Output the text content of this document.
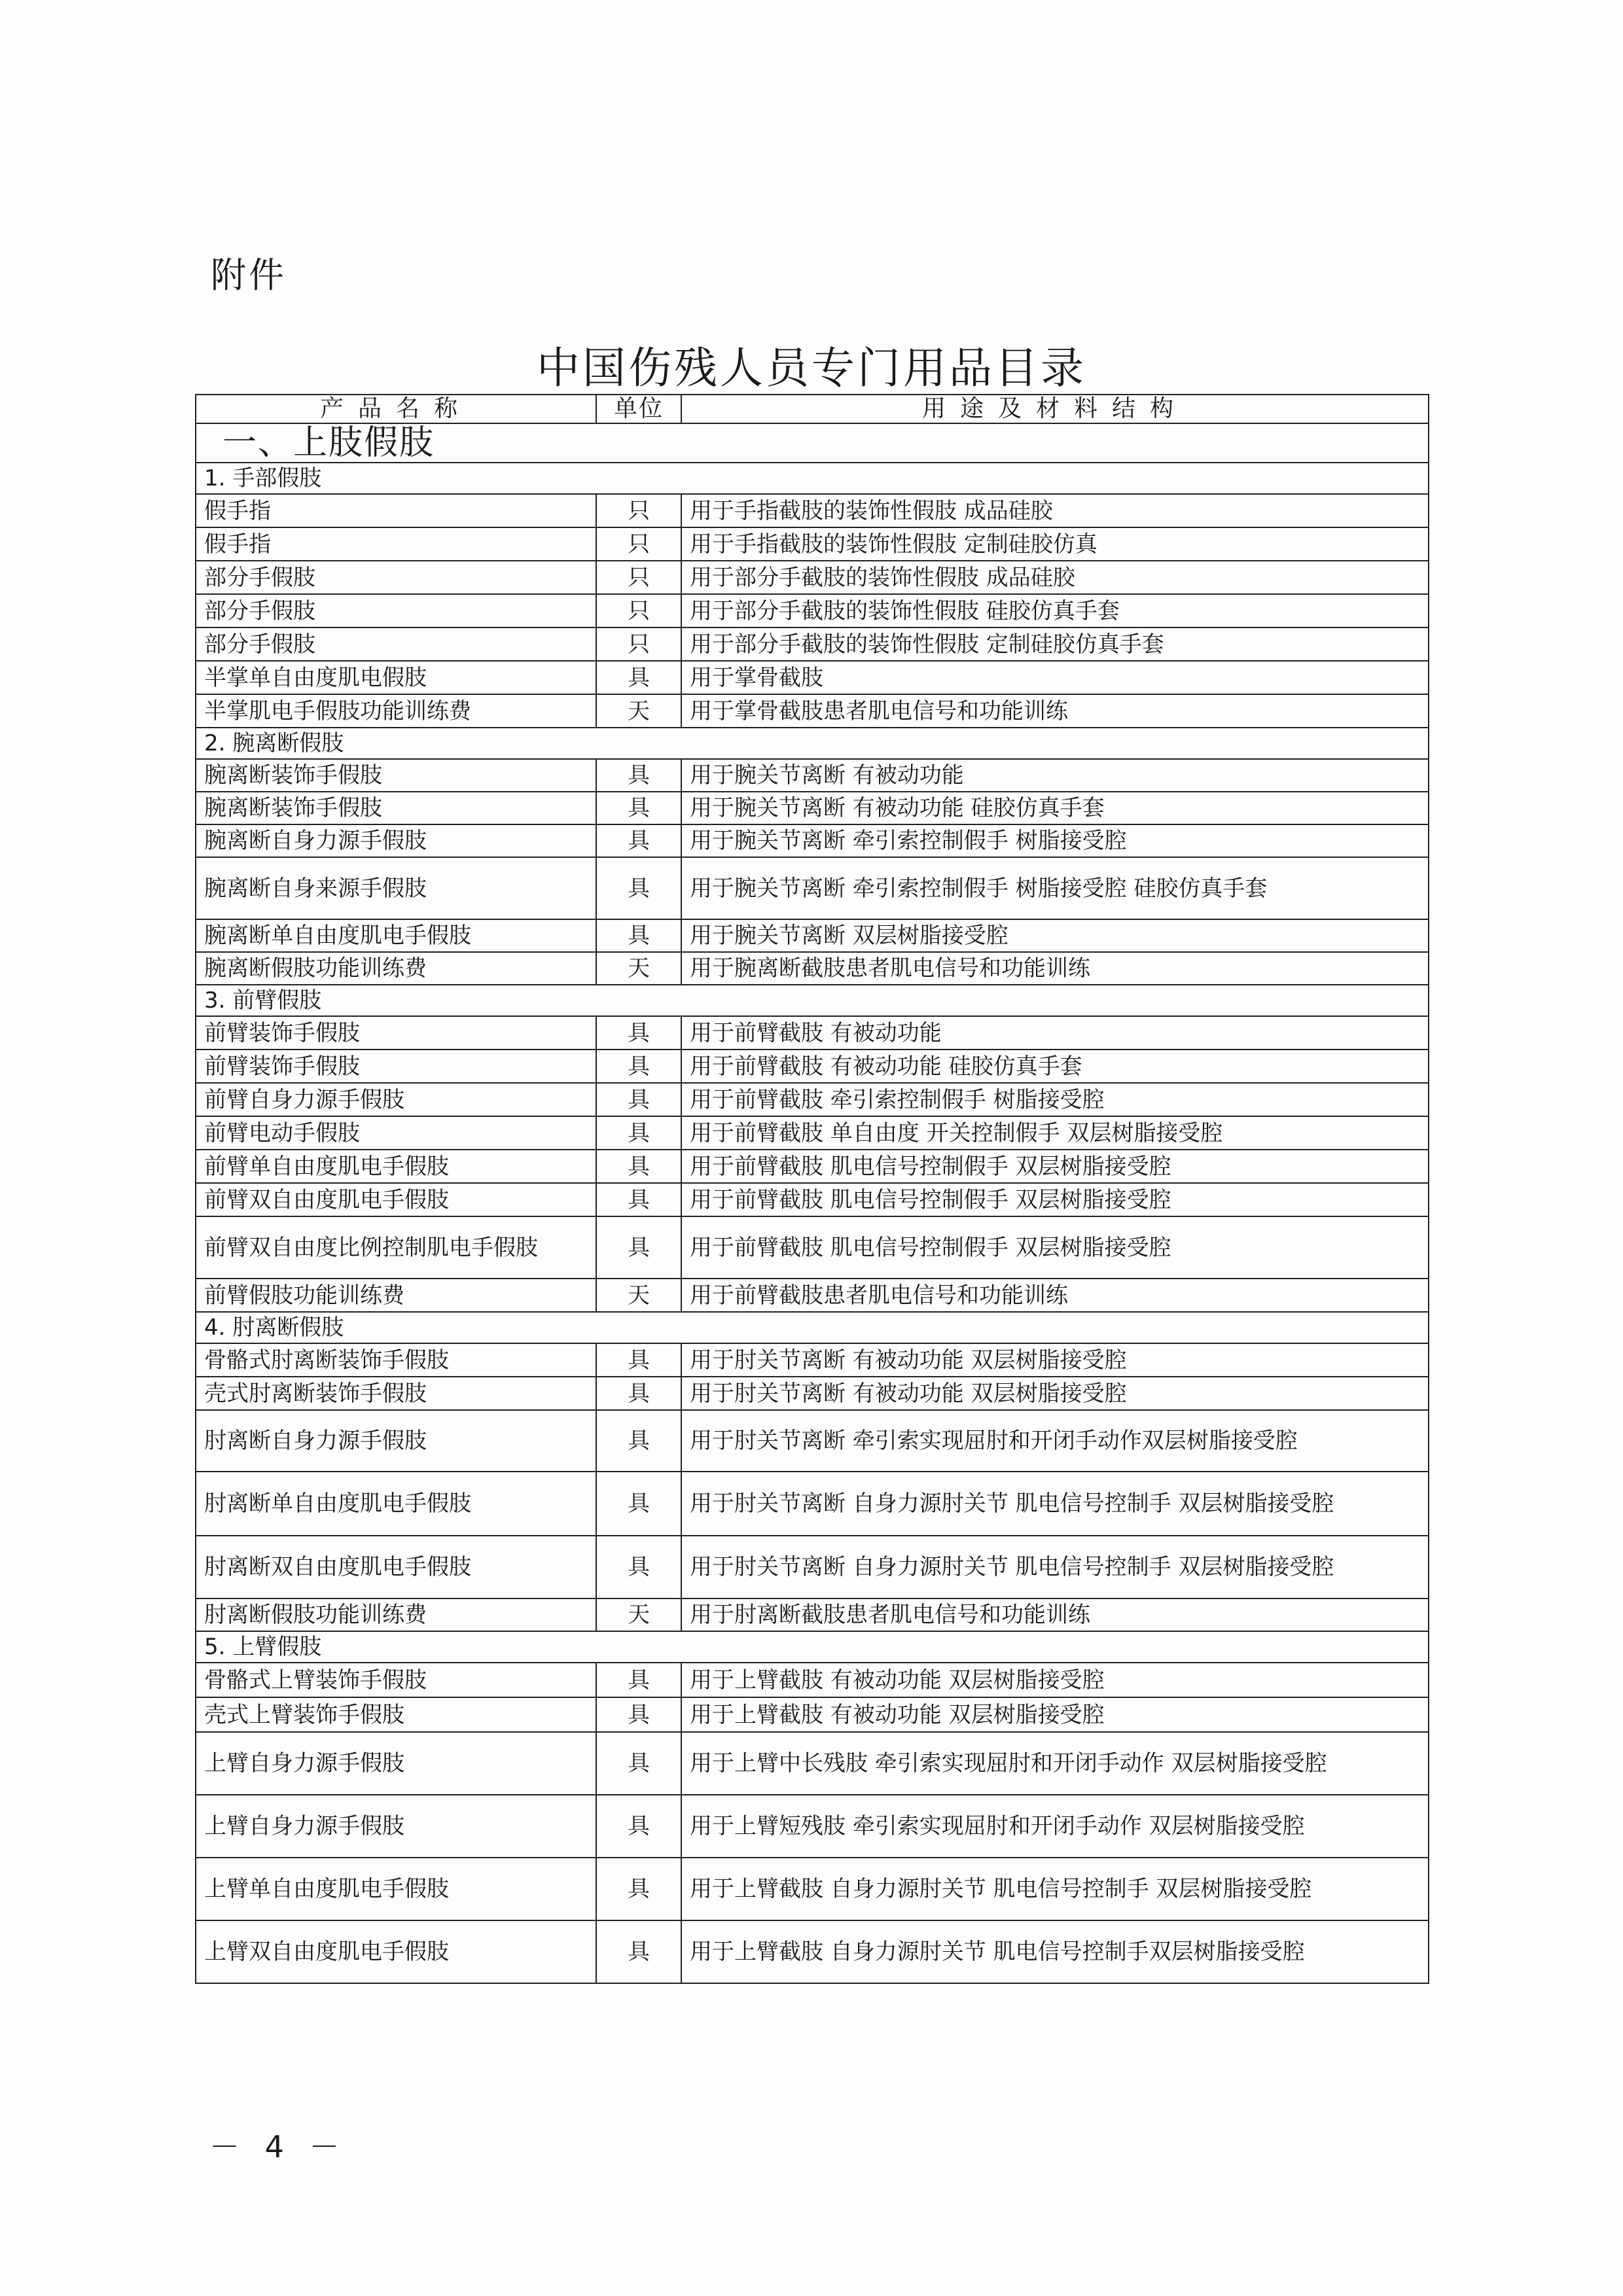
附件
中国伤残人员专门用品目录
产品名称	单位	用途及材料结构
一、上肢假肢		
1. 手部假肢		
假手指	只	用于手指截肢的装饰性假肢 成品硅胶
假手指	只	用于手指截肢的装饰性假肢 定制硅胶仿真
部分手假肢	只	用于部分手截肢的装饰性假肢 成品硅胶
部分手假肢	只	用于部分手截肢的装饰性假肢 硅胶仿真手套
部分手假肢	只	用于部分手截肢的装饰性假肢 定制硅胶仿真手套
半掌单自由度肌电假肢	具	用于掌骨截肢
半掌肌电手假肢功能训练费	天	用于掌骨截肢患者肌电信号和功能训练
2. 腕离断假肢		
腕离断装饰手假肢	具	用于腕关节离断 有被动功能
腕离断装饰手假肢	具	用于腕关节离断 有被动功能 硅胶仿真手套
腕离断自身力源手假肢	具	用于腕关节离断 牵引索控制假手 树脂接受腔
腕离断自身来源手假肢	具	用于腕关节离断 牵引索控制假手 树脂接受腔 硅胶仿真手套
腕离断单自由度肌电手假肢	具	用于腕关节离断 双层树脂接受腔
腕离断假肢功能训练费	天	用于腕离断截肢患者肌电信号和功能训练
3. 前臂假肢		
前臂装饰手假肢	具	用于前臂截肢 有被动功能
前臂装饰手假肢	具	用于前臂截肢 有被动功能 硅胶仿真手套
前臂自身力源手假肢	具	用于前臂截肢 牵引索控制假手 树脂接受腔
前臂电动手假肢	具	用于前臂截肢 单自由度 开关控制假手 双层树脂接受腔
前臂单自由度肌电手假肢	具	用于前臂截肢 肌电信号控制假手 双层树脂接受腔
前臂双自由度肌电手假肢	具	用于前臂截肢 肌电信号控制假手 双层树脂接受腔
前臂双自由度比例控制肌电手假肢	具	用于前臂截肢 肌电信号控制假手 双层树脂接受腔
前臂假肢功能训练费	天	用于前臂截肢患者肌电信号和功能训练
4. 肘离断假肢		
骨骼式肘离断装饰手假肢	具	用于肘关节离断 有被动功能 双层树脂接受腔
壳式肘离断装饰手假肢	具	用于肘关节离断 有被动功能 双层树脂接受腔
肘离断自身力源手假肢	具	用于肘关节离断 牵引索实现屈肘和开闭手动作双层树脂接受腔
肘离断单自由度肌电手假肢	具	用于肘关节离断 自身力源肘关节 肌电信号控制手 双层树脂接受腔
肘离断双自由度肌电手假肢	具	用于肘关节离断 自身力源肘关节 肌电信号控制手 双层树脂接受腔
肘离断假肢功能训练费	天	用于肘离断截肢患者肌电信号和功能训练
5. 上臂假肢		
骨骼式上臂装饰手假肢	具	用于上臂截肢 有被动功能 双层树脂接受腔
壳式上臂装饰手假肢	具	用于上臂截肢 有被动功能 双层树脂接受腔
上臂自身力源手假肢	具	用于上臂中长残肢 牵引索实现屈肘和开闭手动作 双层树脂接受腔
上臂自身力源手假肢	具	用于上臂短残肢 牵引索实现屈肘和开闭手动作 双层树脂接受腔
上臂单自由度肌电手假肢	具	用于上臂截肢 自身力源肘关节 肌电信号控制手 双层树脂接受腔
上臂双自由度肌电手假肢	具	用于上臂截肢 自身力源肘关节 肌电信号控制手双层树脂接受腔
－ 4 －
